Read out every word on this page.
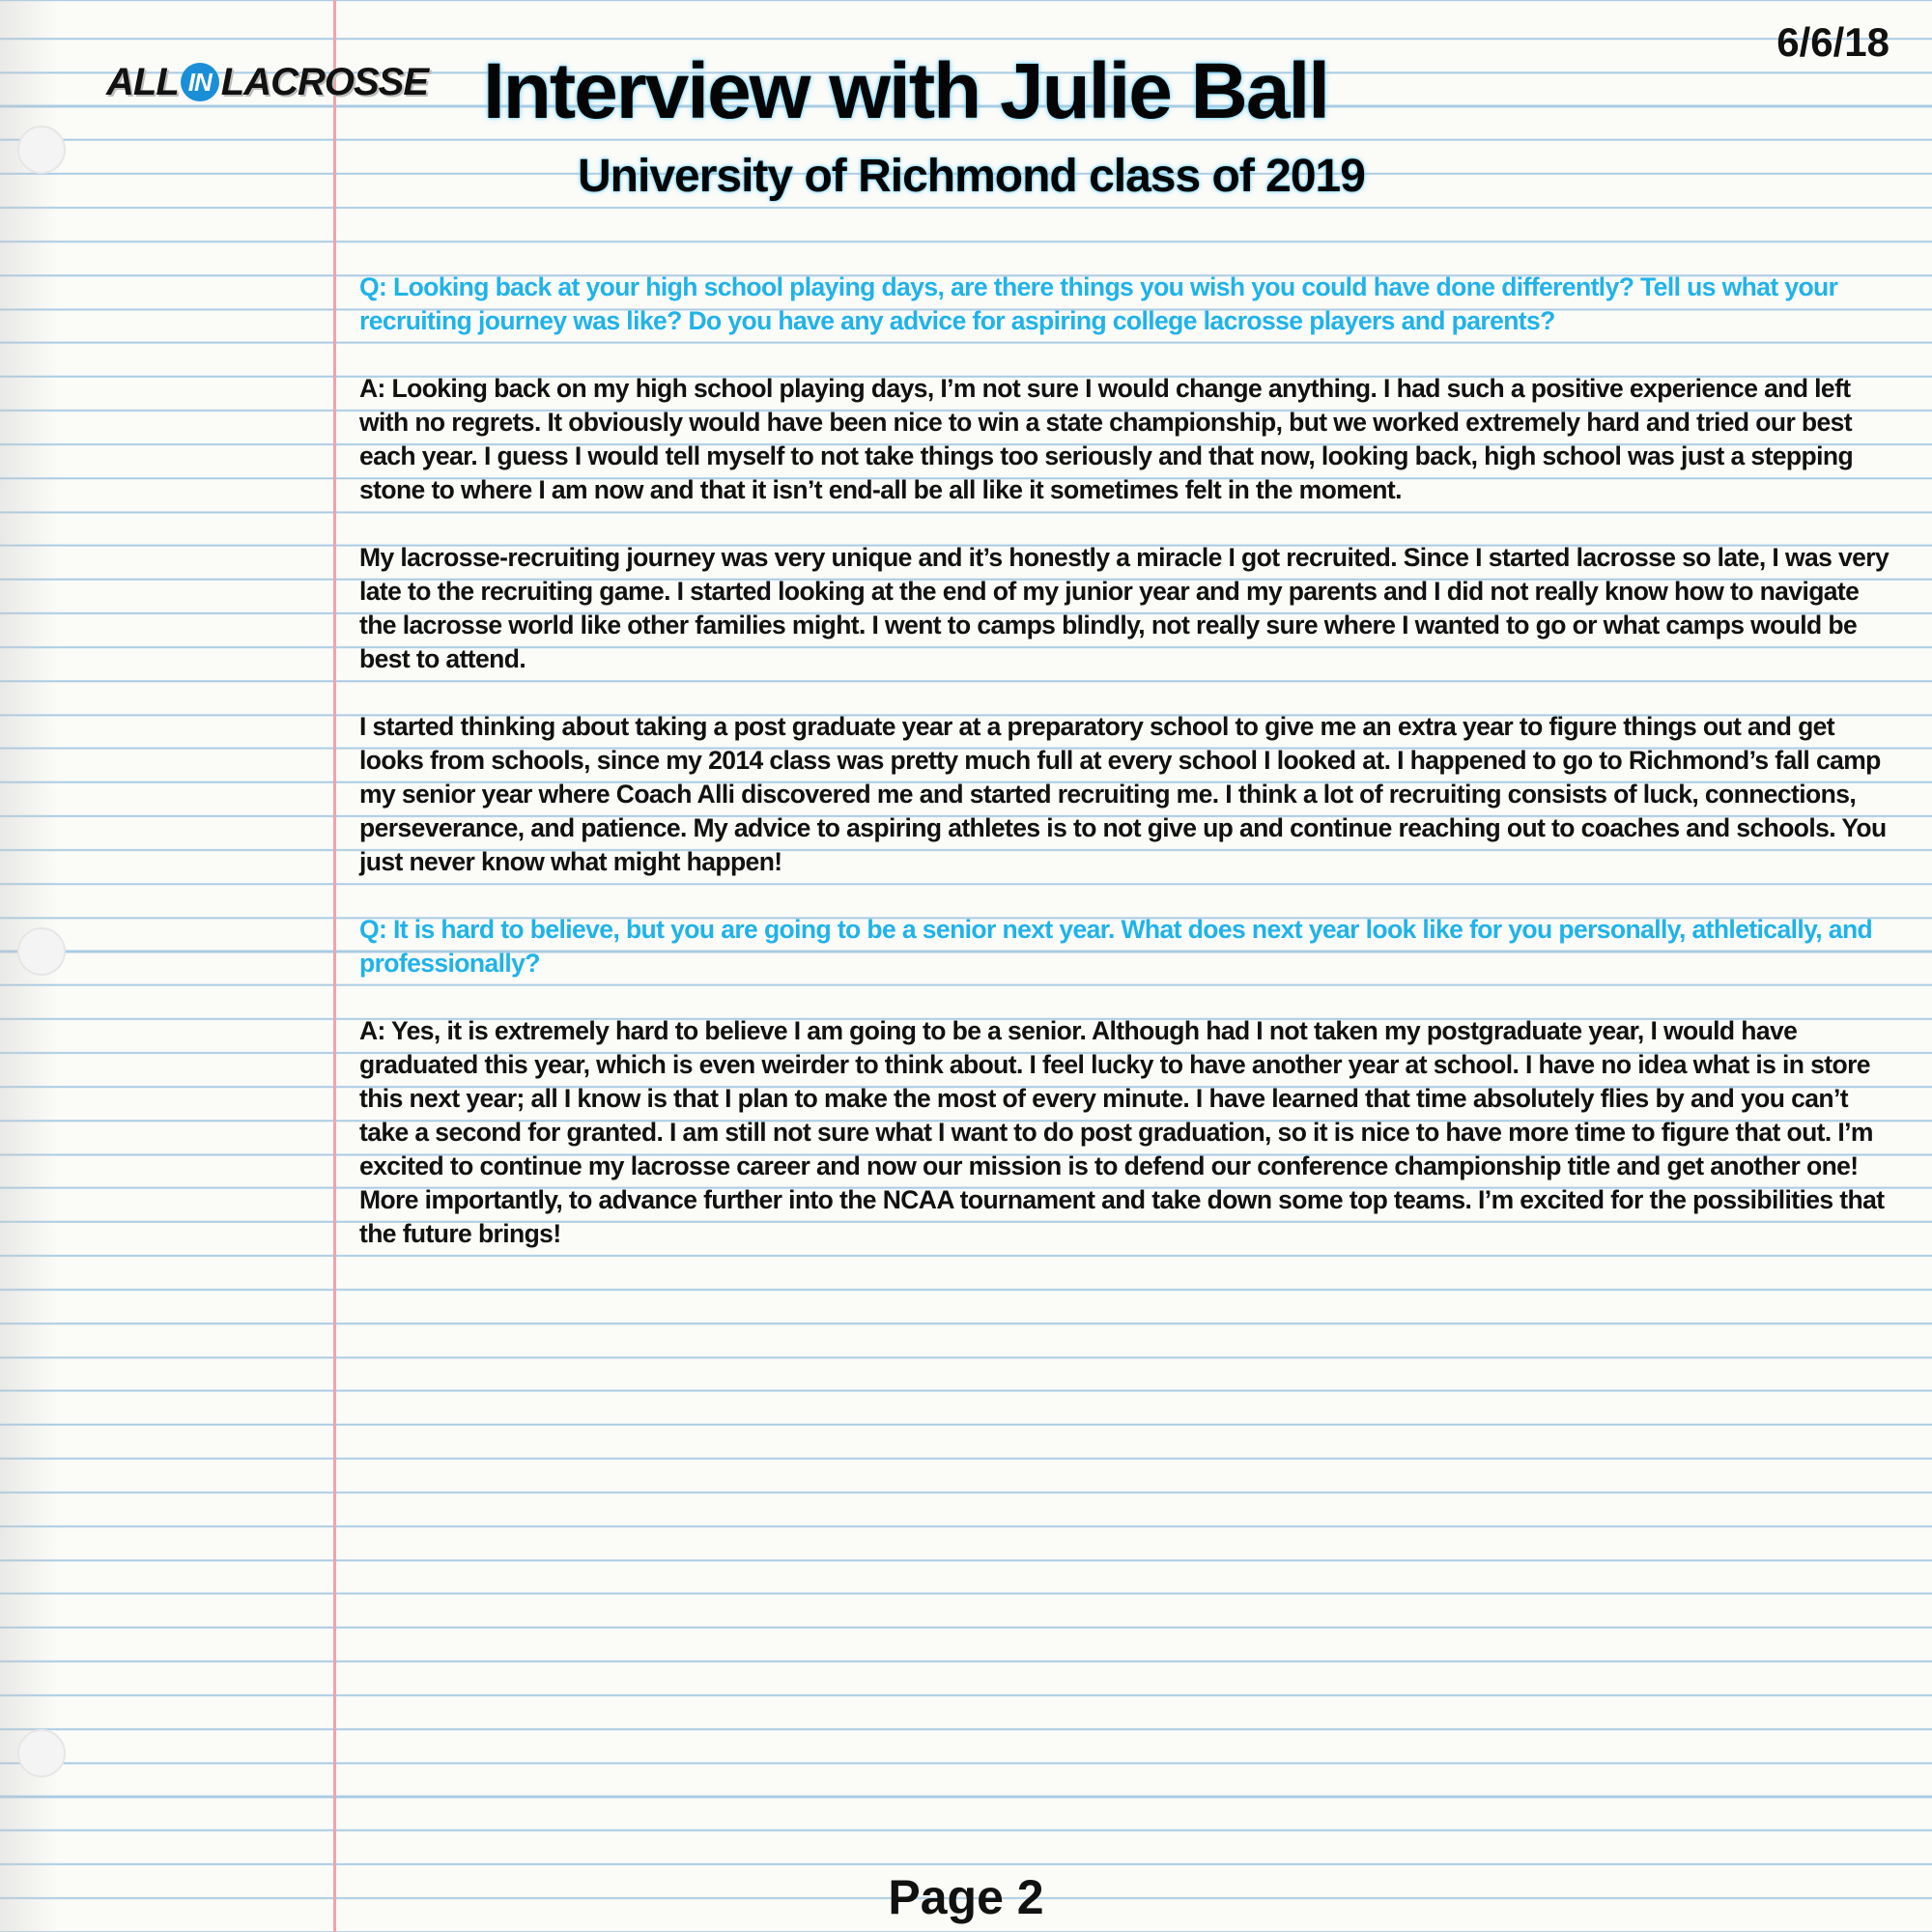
ALL IN LACROSSE
6/6/18
Interview with Julie Ball
University of Richmond class of 2019

Q: Looking back at your high school playing days, are there things you wish you could have done differently? Tell us what your recruiting journey was like? Do you have any advice for aspiring college lacrosse players and parents?

A: Looking back on my high school playing days, I’m not sure I would change anything. I had such a positive experience and left with no regrets. It obviously would have been nice to win a state championship, but we worked extremely hard and tried our best each year. I guess I would tell myself to not take things too seriously and that now, looking back, high school was just a stepping stone to where I am now and that it isn’t end-all be all like it sometimes felt in the moment.

My lacrosse-recruiting journey was very unique and it’s honestly a miracle I got recruited. Since I started lacrosse so late, I was very late to the recruiting game. I started looking at the end of my junior year and my parents and I did not really know how to navigate the lacrosse world like other families might. I went to camps blindly, not really sure where I wanted to go or what camps would be best to attend.

I started thinking about taking a post graduate year at a preparatory school to give me an extra year to figure things out and get looks from schools, since my 2014 class was pretty much full at every school I looked at. I happened to go to Richmond’s fall camp my senior year where Coach Alli discovered me and started recruiting me. I think a lot of recruiting consists of luck, connections, perseverance, and patience. My advice to aspiring athletes is to not give up and continue reaching out to coaches and schools. You just never know what might happen!

Q: It is hard to believe, but you are going to be a senior next year. What does next year look like for you personally, athletically, and professionally?

A: Yes, it is extremely hard to believe I am going to be a senior. Although had I not taken my postgraduate year, I would have graduated this year, which is even weirder to think about. I feel lucky to have another year at school. I have no idea what is in store this next year; all I know is that I plan to make the most of every minute. I have learned that time absolutely flies by and you can’t take a second for granted. I am still not sure what I want to do post graduation, so it is nice to have more time to figure that out. I’m excited to continue my lacrosse career and now our mission is to defend our conference championship title and get another one! More importantly, to advance further into the NCAA tournament and take down some top teams. I’m excited for the possibilities that the future brings!

Page 2
